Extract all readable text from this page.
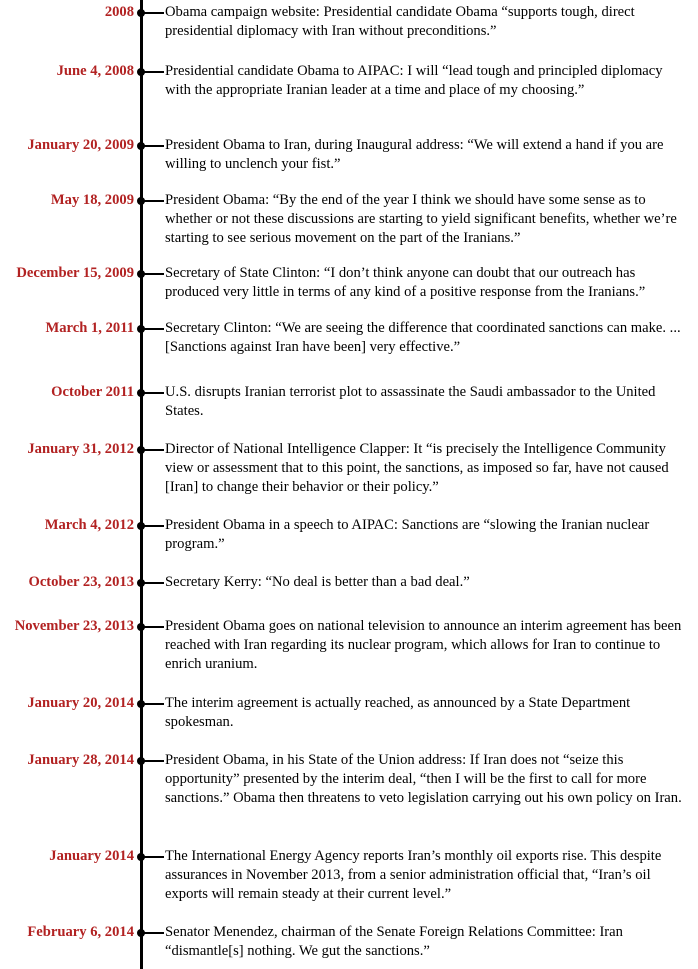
2008 Obama campaign website: Presidential candidate Obama “supports tough, direct presidential diplomacy with Iran without preconditions.”
June 4, 2008 Presidential candidate Obama to AIPAC: I will “lead tough and principled diplomacy with the appropriate Iranian leader at a time and place of my choosing.”
January 20, 2009 President Obama to Iran, during Inaugural address: “We will extend a hand if you are willing to unclench your fist.”
May 18, 2009 President Obama: “By the end of the year I think we should have some sense as to whether or not these discussions are starting to yield significant benefits, whether we’re starting to see serious movement on the part of the Iranians.”
December 15, 2009 Secretary of State Clinton: “I don’t think anyone can doubt that our outreach has produced very little in terms of any kind of a positive response from the Iranians.”
March 1, 2011 Secretary Clinton: “We are seeing the difference that coordinated sanctions can make. ... [Sanctions against Iran have been] very effective.”
October 2011 U.S. disrupts Iranian terrorist plot to assassinate the Saudi ambassador to the United States.
January 31, 2012 Director of National Intelligence Clapper: It “is precisely the Intelligence Community view or assessment that to this point, the sanctions, as imposed so far, have not caused [Iran] to change their behavior or their policy.”
March 4, 2012 President Obama in a speech to AIPAC: Sanctions are “slowing the Iranian nuclear program.”
October 23, 2013 Secretary Kerry: “No deal is better than a bad deal.”
November 23, 2013 President Obama goes on national television to announce an interim agreement has been reached with Iran regarding its nuclear program, which allows for Iran to continue to enrich uranium.
January 20, 2014 The interim agreement is actually reached, as announced by a State Department spokesman.
January 28, 2014 President Obama, in his State of the Union address: If Iran does not “seize this opportunity” presented by the interim deal, “then I will be the first to call for more sanctions.” Obama then threatens to veto legislation carrying out his own policy on Iran.
January 2014 The International Energy Agency reports Iran’s monthly oil exports rise. This despite assurances in November 2013, from a senior administration official that, “Iran’s oil exports will remain steady at their current level.”
February 6, 2014 Senator Menendez, chairman of the Senate Foreign Relations Committee: Iran “dismantle[s] nothing. We gut the sanctions.”
